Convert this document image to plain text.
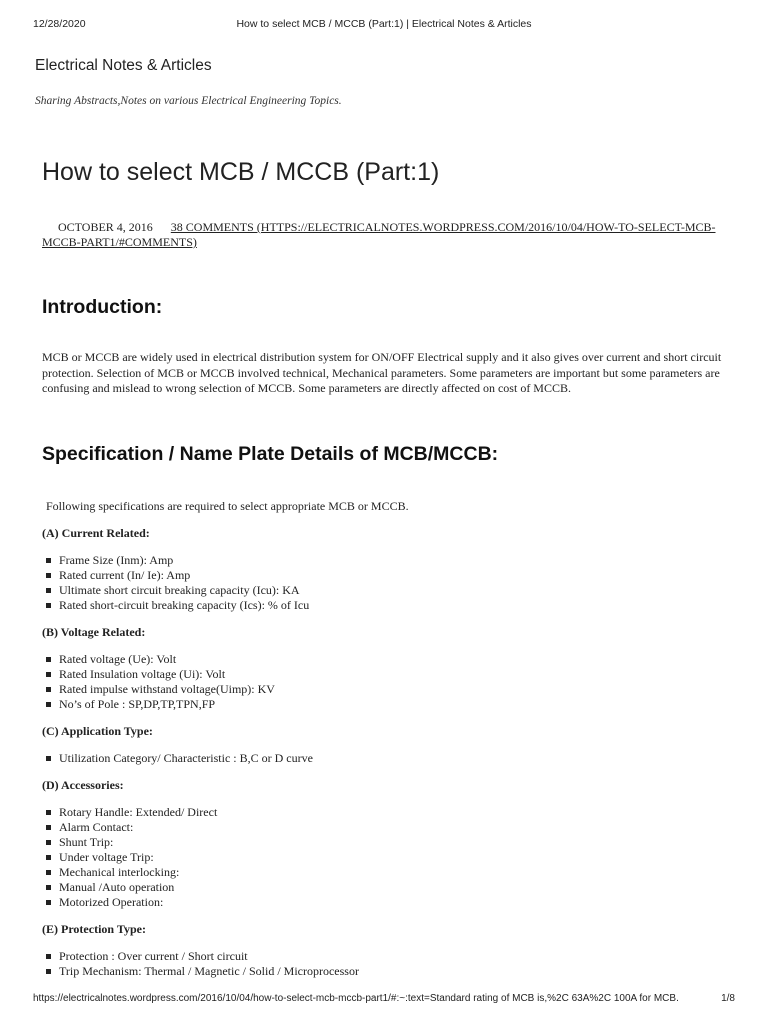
12/28/2020	How to select MCB / MCCB (Part:1) | Electrical Notes & Articles
Electrical Notes & Articles
Sharing Abstracts,Notes on various Electrical Engineering Topics.
How to select MCB / MCCB (Part:1)
OCTOBER 4, 2016 38 COMMENTS (HTTPS://ELECTRICALNOTES.WORDPRESS.COM/2016/10/04/HOW-TO-SELECT-MCB-MCCB-PART1/#COMMENTS)
Introduction:

MCB or MCCB are widely used in electrical distribution system for ON/OFF Electrical supply and it also gives over current and short circuit protection. Selection of MCB or MCCB involved technical, Mechanical parameters. Some parameters are important but some parameters are confusing and mislead to wrong selection of MCCB. Some parameters are directly affected on cost of MCCB.

Specification / Name Plate Details of MCB/MCCB:

Following specifications are required to select appropriate MCB or MCCB.

(A) Current Related:

Frame Size (Inm): Amp
Rated current (In/ Ie): Amp
Ultimate short circuit breaking capacity (Icu): KA
Rated short-circuit breaking capacity (Ics): % of Icu

(B) Voltage Related:

Rated voltage (Ue): Volt
Rated Insulation voltage (Ui): Volt
Rated impulse withstand voltage(Uimp): KV
No’s of Pole : SP,DP,TP,TPN,FP

(C) Application Type:

Utilization Category/ Characteristic : B,C or D curve

(D) Accessories:

Rotary Handle: Extended/ Direct
Alarm Contact:
Shunt Trip:
Under voltage Trip:
Mechanical interlocking:
Manual /Auto operation
Motorized Operation:

(E) Protection Type:

Protection : Over current / Short circuit
Trip Mechanism: Thermal / Magnetic / Solid / Microprocessor
https://electricalnotes.wordpress.com/2016/10/04/how-to-select-mcb-mccb-part1/#:~:text=Standard rating of MCB is,%2C 63A%2C 100A for MCB.	1/8
